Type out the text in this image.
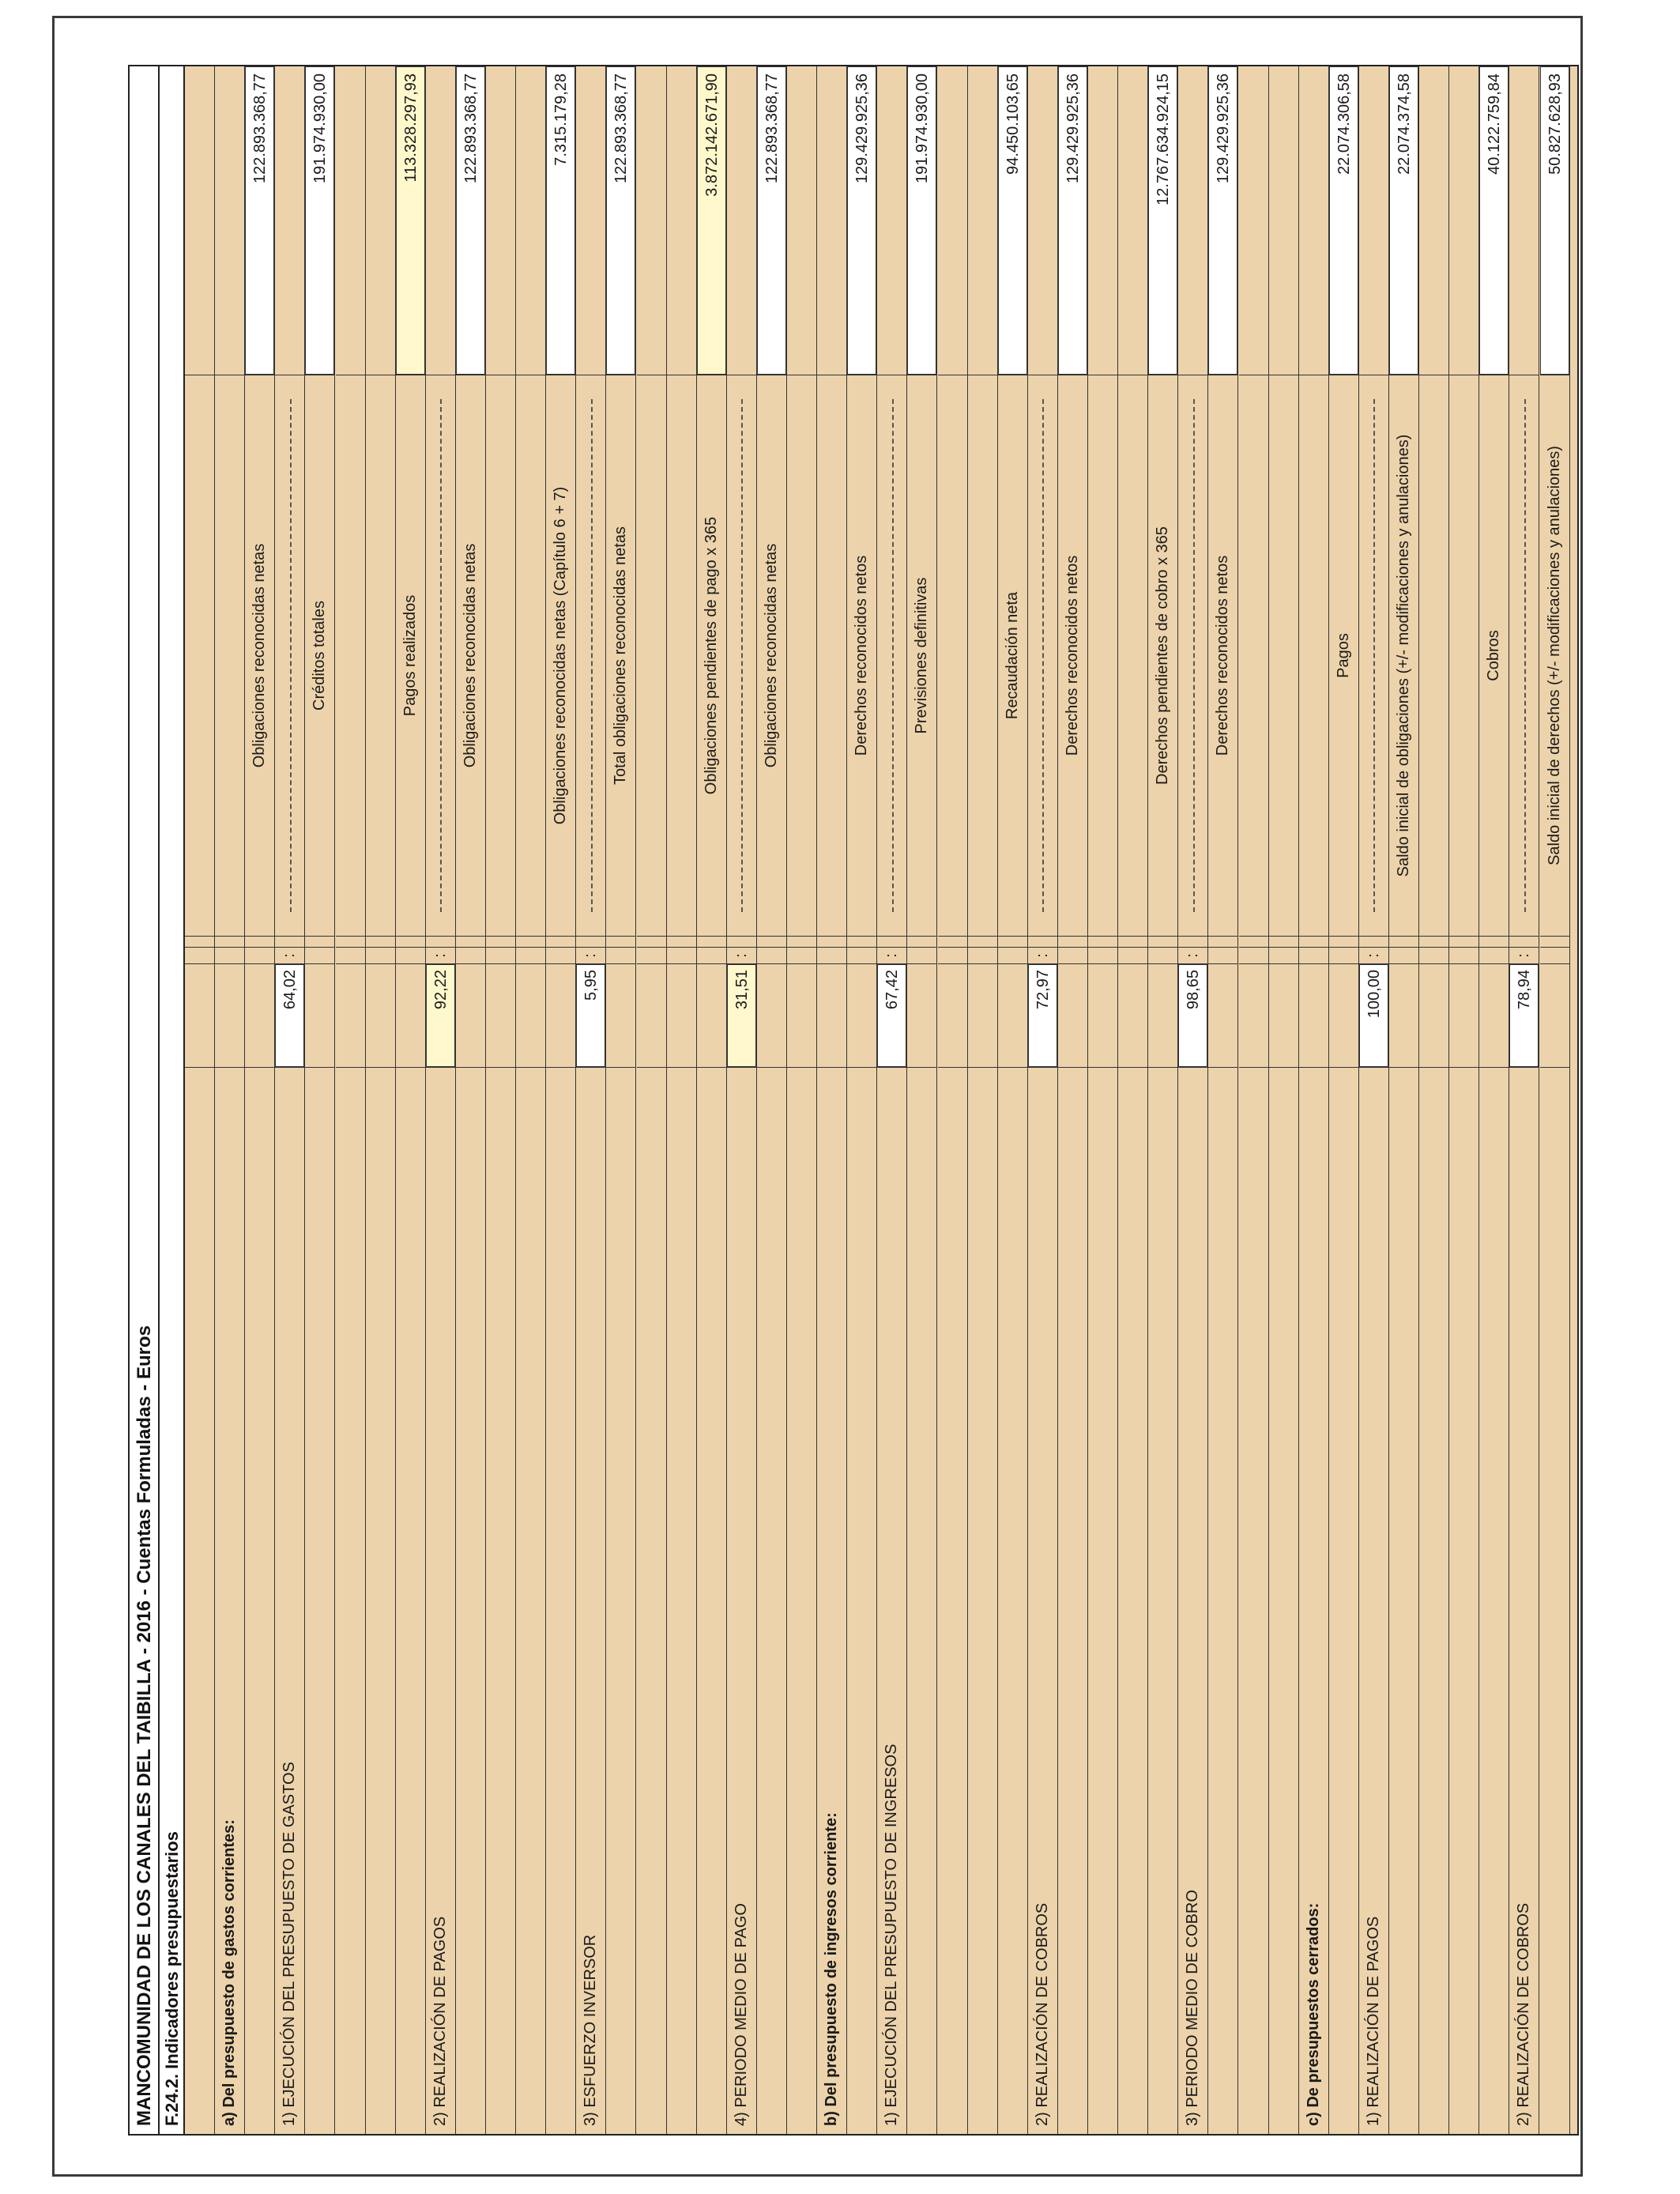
MANCOMUNIDAD DE LOS CANALES DEL TAIBILLA - 2016 - Cuentas Formuladas - Euros F.24.2. Indicadores presupuestarios	a) Del presupuesto de gastos corrientes:
Obligaciones reconocidas netas
122.893.368,77
1) EJECUCIÓN DEL PRESUPUESTO DE GASTOS
64,02
:
Créditos totales
191.974.930,00
Pagos realizados
113.328.297,93
2) REALIZACIÓN DE PAGOS
92,22
:
Obligaciones reconocidas netas
122.893.368,77
Obligaciones reconocidas netas (Capítulo 6 + 7)
7.315.179,28
3) ESFUERZO INVERSOR
5,95
:
Total obligaciones reconocidas netas
122.893.368,77
Obligaciones pendientes de pago x 365
3.872.142.671,90
4) PERIODO MEDIO DE PAGO
31,51
:
Obligaciones reconocidas netas
122.893.368,77
b) Del presupuesto de ingresos corriente:
Derechos reconocidos netos
129.429.925,36
1) EJECUCIÓN DEL PRESUPUESTO DE INGRESOS
67,42
:
Previsiones definitivas
191.974.930,00
Recaudación neta
94.450.103,65
2) REALIZACIÓN DE COBROS
72,97
:
Derechos reconocidos netos
129.429.925,36
Derechos pendientes de cobro x 365
12.767.634.924,15
3) PERIODO MEDIO DE COBRO
98,65
:
Derechos reconocidos netos
129.429.925,36
c) De presupuestos cerrados:
Pagos
22.074.306,58
1) REALIZACIÓN DE PAGOS
100,00
:
Saldo inicial de obligaciones (+/- modificaciones y anulaciones)
22.074.374,58
Cobros
40.122.759,84
2) REALIZACIÓN DE COBROS
78,94
:
Saldo inicial de derechos (+/- modificaciones y anulaciones)
50.827.628,93
